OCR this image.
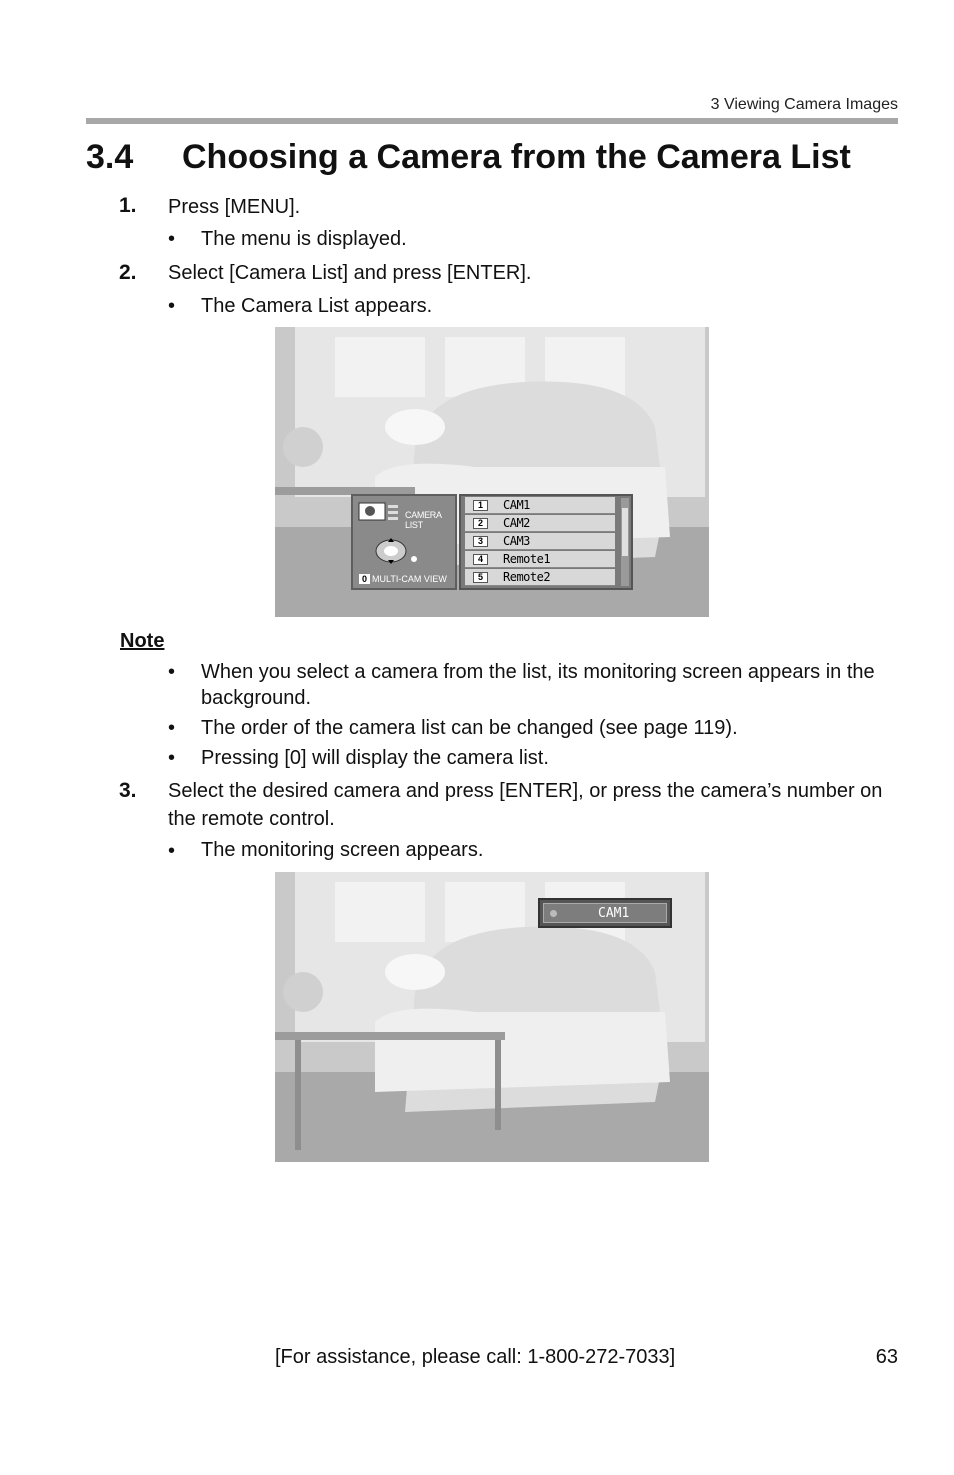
3 Viewing Camera Images
3.4 Choosing a Camera from the Camera List
1. Press [MENU].
• The menu is displayed.
2. Select [Camera List] and press [ENTER].
• The Camera List appears.
CAMERA LIST
0 MULTI-CAM VIEW
1	CAM1
2	CAM2
3	CAM3
4	Remote1
5	Remote2
Note
• When you select a camera from the list, its monitoring screen appears in the background.
• The order of the camera list can be changed (see page 119).
• Pressing [0] will display the camera list.
3. Select the desired camera and press [ENTER], or press the camera’s number on the remote control.
• The monitoring screen appears.
CAM1
[For assistance, please call: 1-800-272-7033]	63
